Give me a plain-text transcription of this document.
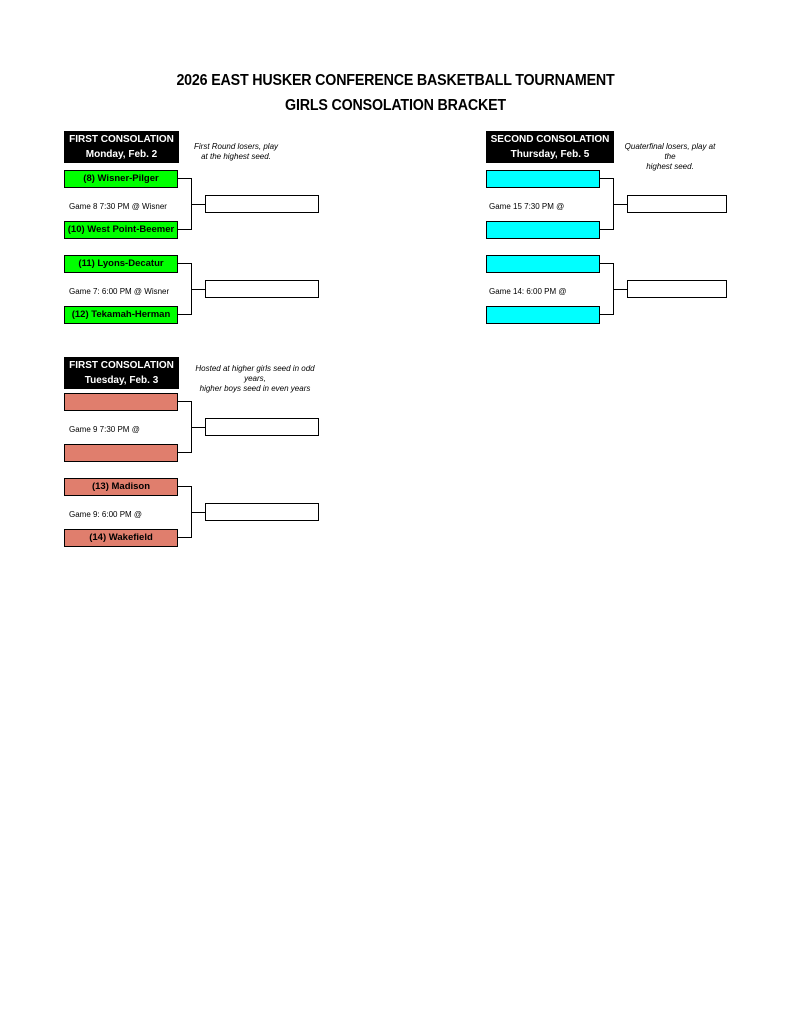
2026 EAST HUSKER CONFERENCE BASKETBALL TOURNAMENT
GIRLS CONSOLATION BRACKET
FIRST CONSOLATION
Monday, Feb. 2
First Round losers, play
at the highest seed.
(8) Wisner-Pilger
Game 8 7:30 PM @ Wisner
(10) West Point-Beemer
(11) Lyons-Decatur
Game 7: 6:00 PM @ Wisner
(12) Tekamah-Herman
FIRST CONSOLATION
Tuesday, Feb. 3
Hosted at higher girls seed in odd years,
higher boys seed in even years
Game 9 7:30 PM @
(13) Madison
Game 9: 6:00 PM @
(14) Wakefield
SECOND CONSOLATION
Thursday, Feb. 5
Quaterfinal losers, play at the
highest seed.
Game 15 7:30 PM @
Game 14: 6:00 PM @
